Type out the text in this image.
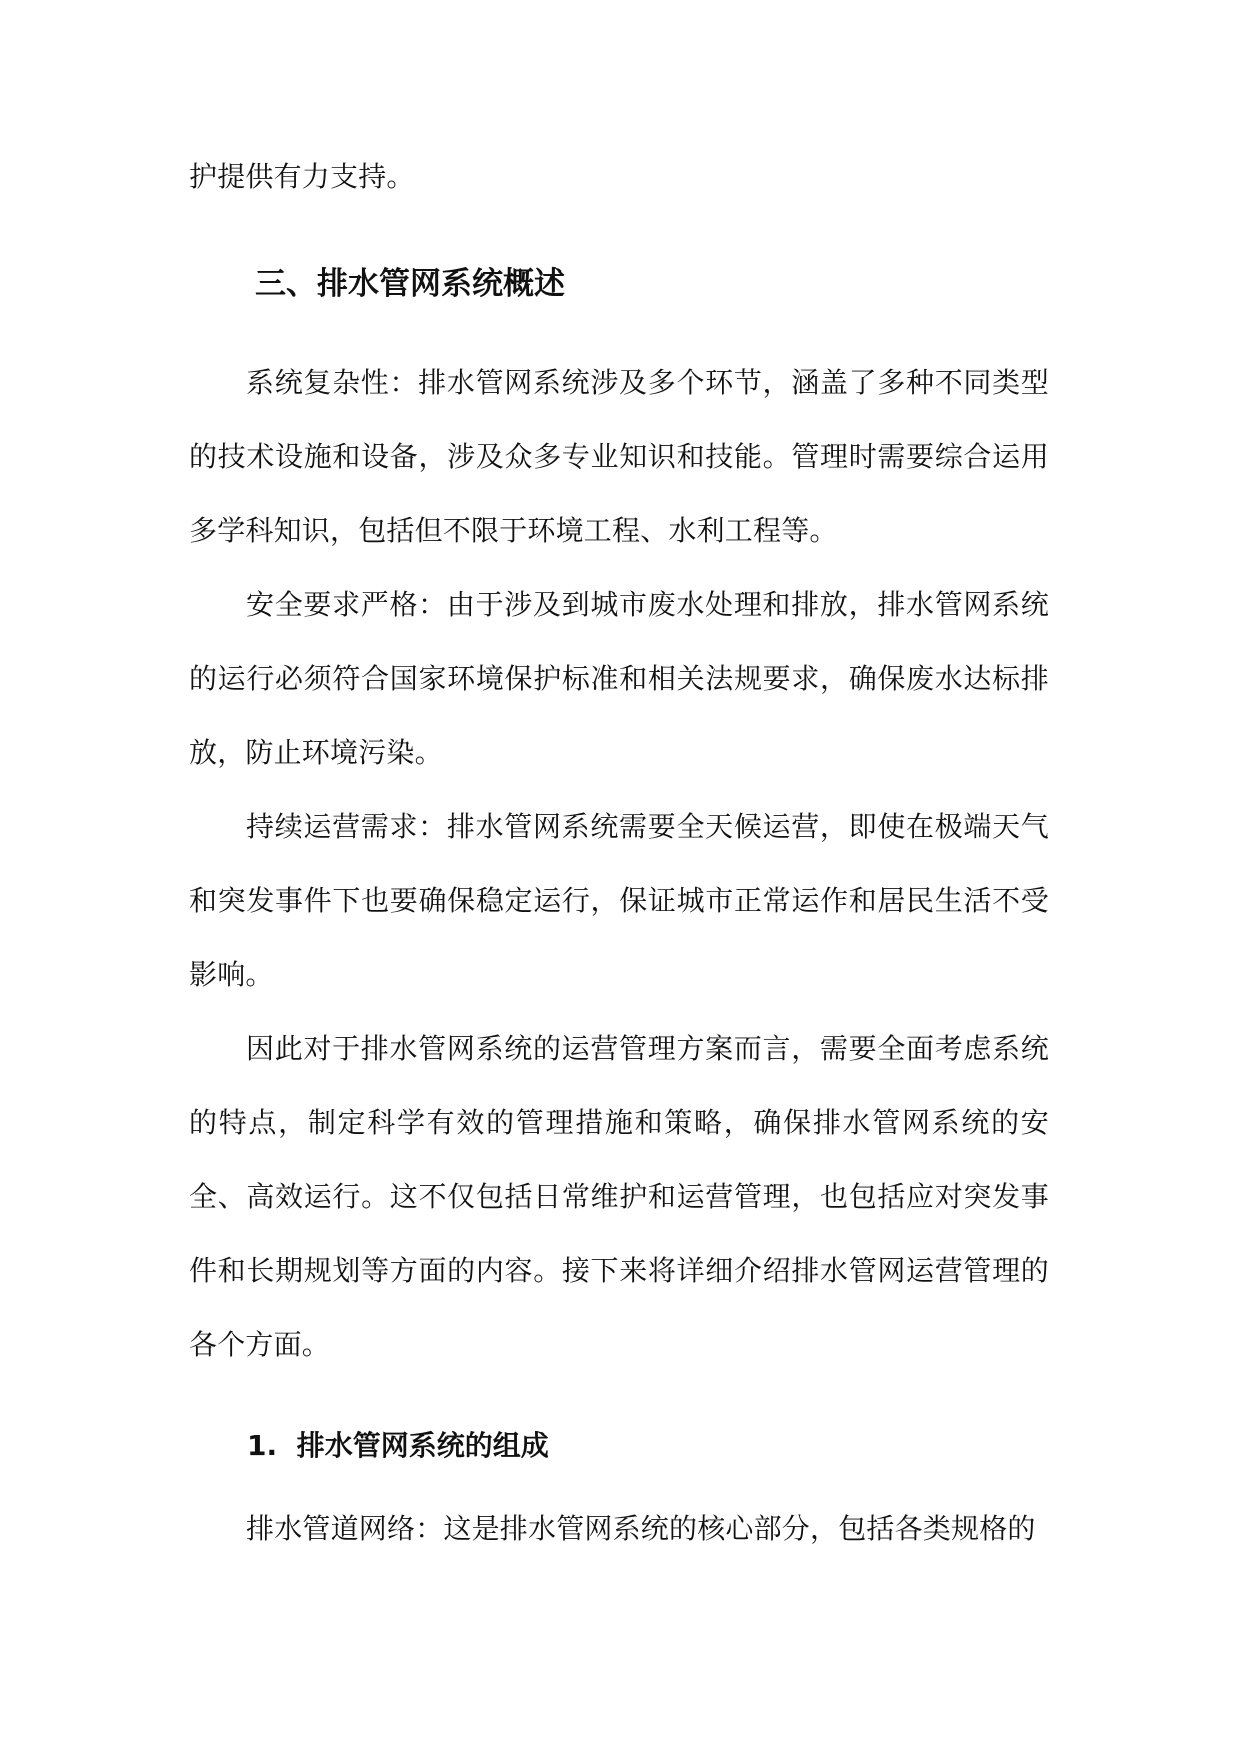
护提供有力支持。

三、排水管网系统概述

系统复杂性：排水管网系统涉及多个环节，涵盖了多种不同类型的技术设施和设备，涉及众多专业知识和技能。管理时需要综合运用多学科知识，包括但不限于环境工程、水利工程等。

安全要求严格：由于涉及到城市废水处理和排放，排水管网系统的运行必须符合国家环境保护标准和相关法规要求，确保废水达标排放，防止环境污染。

持续运营需求：排水管网系统需要全天候运营，即使在极端天气和突发事件下也要确保稳定运行，保证城市正常运作和居民生活不受影响。

因此对于排水管网系统的运营管理方案而言，需要全面考虑系统的特点，制定科学有效的管理措施和策略，确保排水管网系统的安全、高效运行。这不仅包括日常维护和运营管理，也包括应对突发事件和长期规划等方面的内容。接下来将详细介绍排水管网运营管理的各个方面。

1. 排水管网系统的组成

排水管道网络：这是排水管网系统的核心部分，包括各类规格的
